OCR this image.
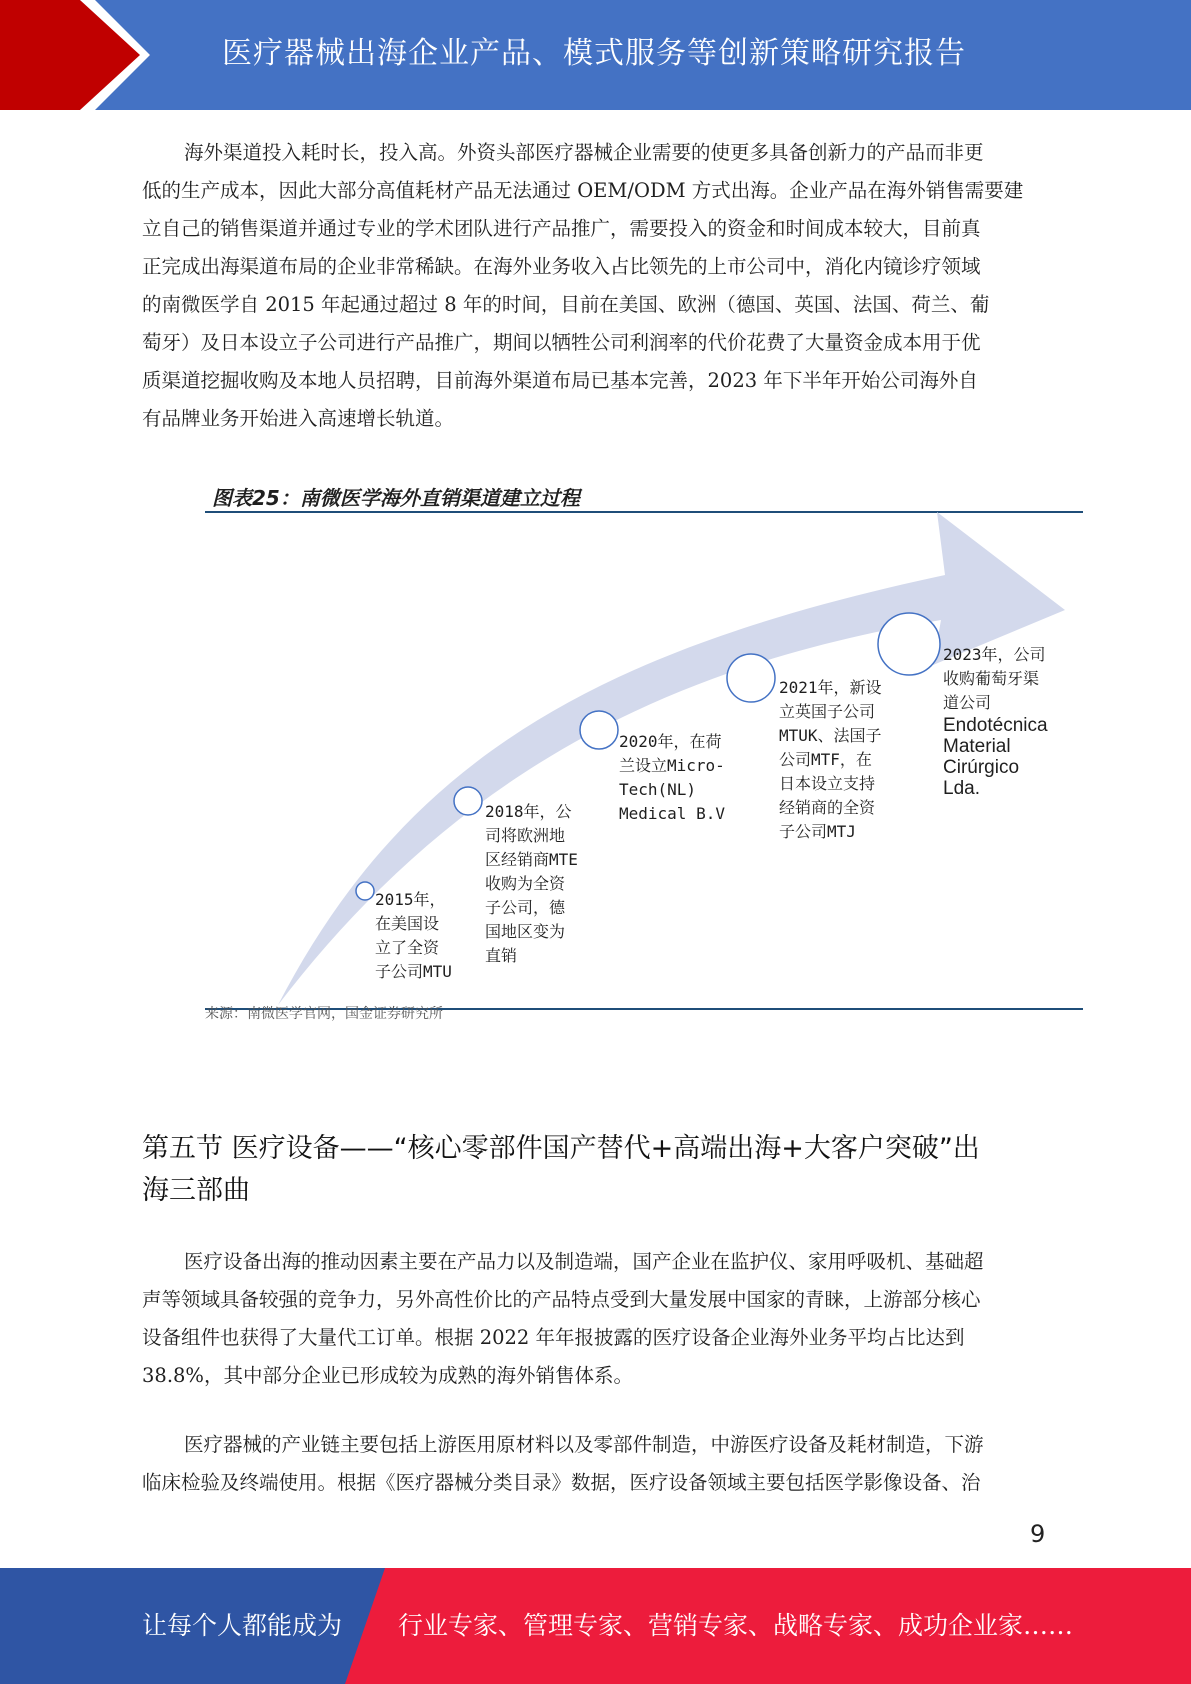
医疗器械出海企业产品、模式服务等创新策略研究报告
海外渠道投入耗时长，投入高。外资头部医疗器械企业需要的使更多具备创新力的产品而非更
低的生产成本，因此大部分高值耗材产品无法通过 OEM/ODM 方式出海。企业产品在海外销售需要建
立自己的销售渠道并通过专业的学术团队进行产品推广，需要投入的资金和时间成本较大，目前真
正完成出海渠道布局的企业非常稀缺。在海外业务收入占比领先的上市公司中，消化内镜诊疗领域
的南微医学自 2015 年起通过超过 8 年的时间，目前在美国、欧洲（德国、英国、法国、荷兰、葡
萄牙）及日本设立子公司进行产品推广，期间以牺牲公司利润率的代价花费了大量资金成本用于优
质渠道挖掘收购及本地人员招聘，目前海外渠道布局已基本完善，2023 年下半年开始公司海外自
有品牌业务开始进入高速增长轨道。
图表25：南微医学海外直销渠道建立过程
2015年，
在美国设
立了全资
子公司MTU
2018年，公
司将欧洲地
区经销商MTE
收购为全资
子公司，德
国地区变为
直销
2020年，在荷
兰设立Micro-
Tech(NL)
Medical B.V
2021年，新设
立英国子公司
MTUK、法国子
公司MTF，在
日本设立支持
经销商的全资
子公司MTJ
2023年，公司
收购葡萄牙渠
道公司
Endotécnica
Material
Cirúrgico
Lda.
来源：南微医学官网，国金证券研究所
第五节 医疗设备——“核心零部件国产替代+高端出海+大客户突破”出
海三部曲
医疗设备出海的推动因素主要在产品力以及制造端，国产企业在监护仪、家用呼吸机、基础超
声等领域具备较强的竞争力，另外高性价比的产品特点受到大量发展中国家的青睐，上游部分核心
设备组件也获得了大量代工订单。根据 2022 年年报披露的医疗设备企业海外业务平均占比达到
38.8%，其中部分企业已形成较为成熟的海外销售体系。
医疗器械的产业链主要包括上游医用原材料以及零部件制造，中游医疗设备及耗材制造，下游
临床检验及终端使用。根据《医疗器械分类目录》数据，医疗设备领域主要包括医学影像设备、治
9
让每个人都能成为 行业专家、管理专家、营销专家、战略专家、成功企业家……
